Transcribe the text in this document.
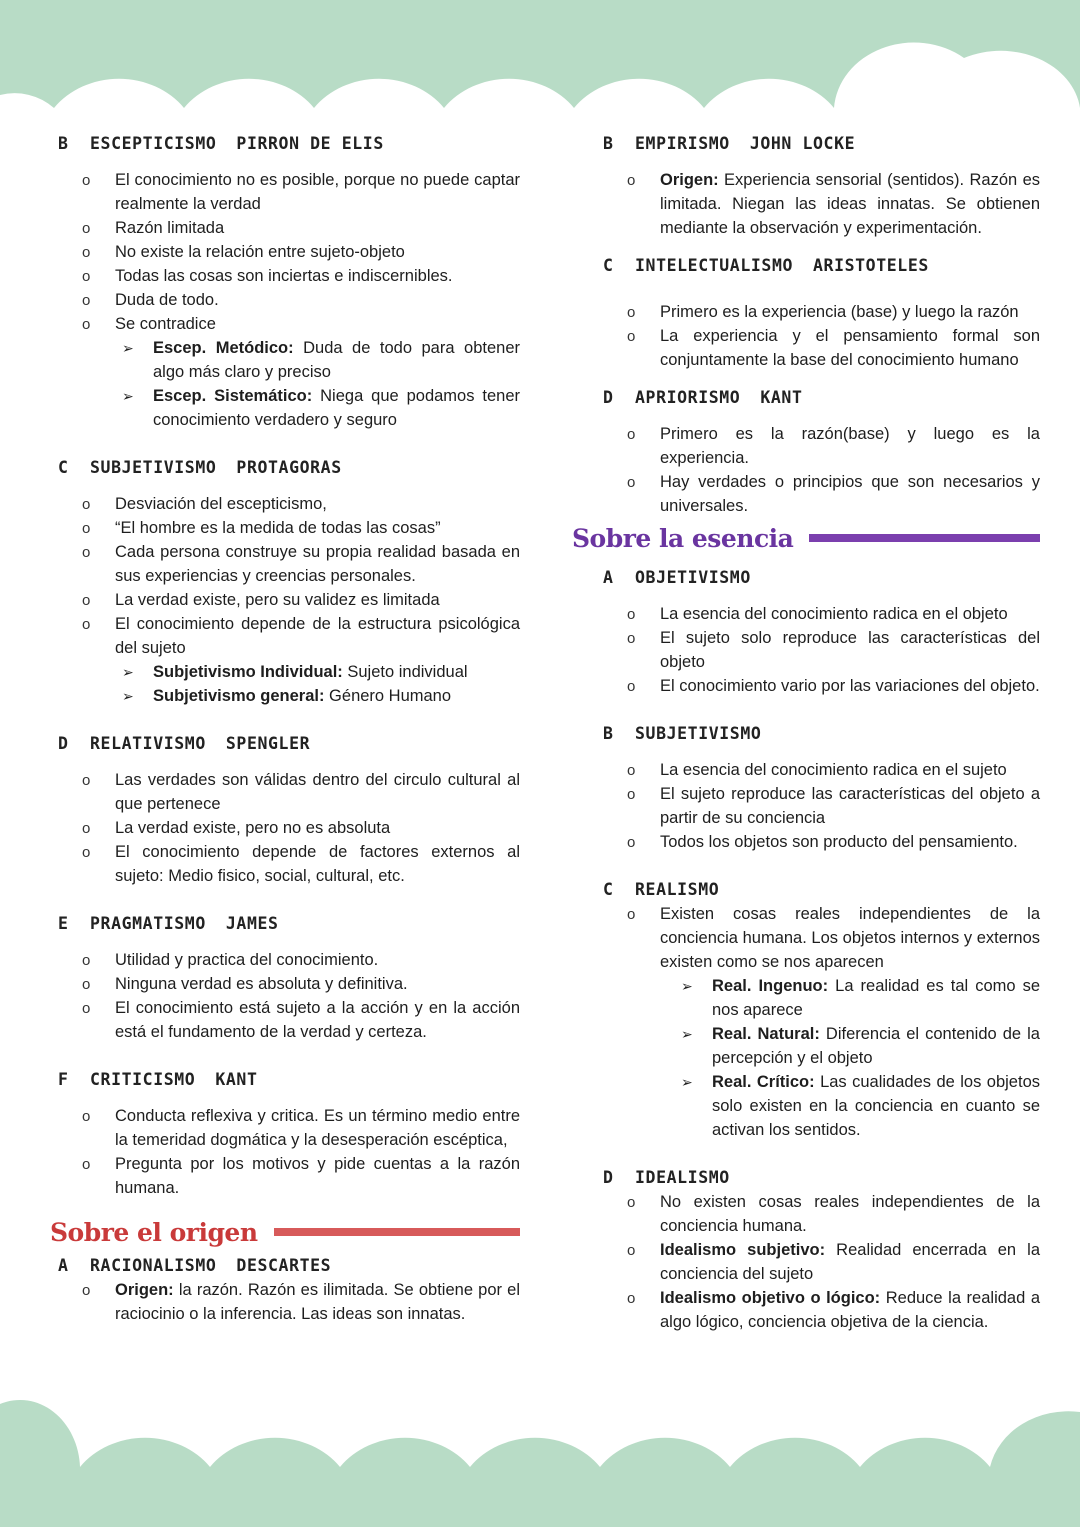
B	ESCEPTICISMO PIRRON DE ELIS
o El conocimiento no es posible, porque no puede captar realmente la verdad
o Razón limitada
o No existe la relación entre sujeto-objeto
o Todas las cosas son inciertas e indiscernibles.
o Duda de todo.
o Se contradice
➢ Escep. Metódico: Duda de todo para obtener algo más claro y preciso
➢ Escep. Sistemático: Niega que podamos tener conocimiento verdadero y seguro
C	SUBJETIVISMO PROTAGORAS
o Desviación del escepticismo,
o “El hombre es la medida de todas las cosas”
o Cada persona construye su propia realidad basada en sus experiencias y creencias personales.
o La verdad existe, pero su validez es limitada
o El conocimiento depende de la estructura psicológica del sujeto
➢ Subjetivismo Individual: Sujeto individual
➢ Subjetivismo general: Género Humano
D	RELATIVISMO SPENGLER
o Las verdades son válidas dentro del circulo cultural al que pertenece
o La verdad existe, pero no es absoluta
o El conocimiento depende de factores externos al sujeto: Medio fisico, social, cultural, etc.
E	PRAGMATISMO JAMES
o Utilidad y practica del conocimiento.
o Ninguna verdad es absoluta y definitiva.
o El conocimiento está sujeto a la acción y en la acción está el fundamento de la verdad y certeza.
F	CRITICISMO KANT
o Conducta reflexiva y critica. Es un término medio entre la temeridad dogmática y la desesperación escéptica,
o Pregunta por los motivos y pide cuentas a la razón humana.
Sobre el origen
A	RACIONALISMO DESCARTES
o Origen: la razón. Razón es ilimitada. Se obtiene por el raciocinio o la inferencia. Las ideas son innatas.
B	EMPIRISMO JOHN LOCKE
o Origen: Experiencia sensorial (sentidos). Razón es limitada. Niegan las ideas innatas. Se obtienen mediante la observación y experimentación.
C	INTELECTUALISMO ARISTOTELES
o Primero es la experiencia (base) y luego la razón
o La experiencia y el pensamiento formal son conjuntamente la base del conocimiento humano
D	APRIORISMO KANT
o Primero es la razón(base) y luego es la experiencia.
o Hay verdades o principios que son necesarios y universales.
Sobre la esencia
A	OBJETIVISMO
o La esencia del conocimiento radica en el objeto
o El sujeto solo reproduce las características del objeto
o El conocimiento vario por las variaciones del objeto.
B	SUBJETIVISMO
o La esencia del conocimiento radica en el sujeto
o El sujeto reproduce las características del objeto a partir de su conciencia
o Todos los objetos son producto del pensamiento.
C	REALISMO
o Existen cosas reales independientes de la conciencia humana. Los objetos internos y externos existen como se nos aparecen
➢ Real. Ingenuo: La realidad es tal como se nos aparece
➢ Real. Natural: Diferencia el contenido de la percepción y el objeto
➢ Real. Crítico: Las cualidades de los objetos solo existen en la conciencia en cuanto se activan los sentidos.
D	IDEALISMO
o No existen cosas reales independientes de la conciencia humana.
o Idealismo subjetivo: Realidad encerrada en la conciencia del sujeto
o Idealismo objetivo o lógico: Reduce la realidad a algo lógico, conciencia objetiva de la ciencia.
